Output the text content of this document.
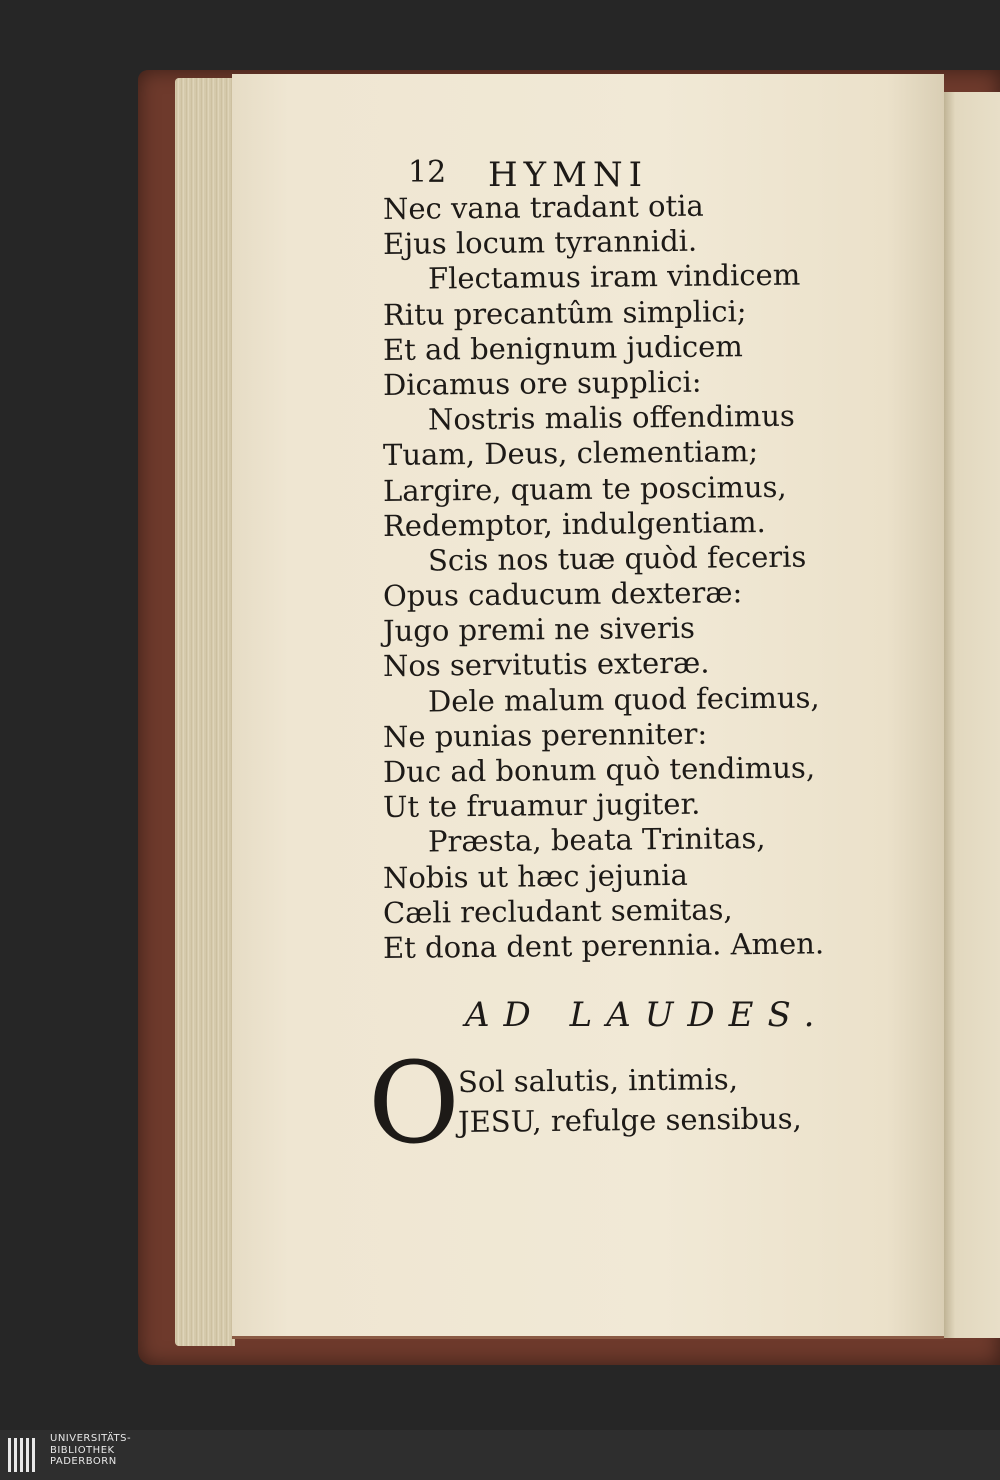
12 HYMNI
Nec vana tradant otia
Ejus locum tyrannidi.
Flectamus iram vindicem
Ritu precantûm simplici;
Et ad benignum judicem
Dicamus ore supplici:
Nostris malis offendimus
Tuam, Deus, clementiam;
Largire, quam te poscimus,
Redemptor, indulgentiam.
Scis nos tuæ quòd feceris
Opus caducum dexteræ:
Jugo premi ne siveris
Nos servitutis exteræ.
Dele malum quod fecimus,
Ne punias perenniter:
Duc ad bonum quò tendimus,
Ut te fruamur jugiter.
Præsta, beata Trinitas,
Nobis ut hæc jejunia
Cæli recludant semitas,
Et dona dent perennia. Amen.
AD LAUDES.
O
Sol salutis, intimis,
JESU, refulge sensibus,
UNIVERSITÄTS-
BIBLIOTHEK
PADERBORN
